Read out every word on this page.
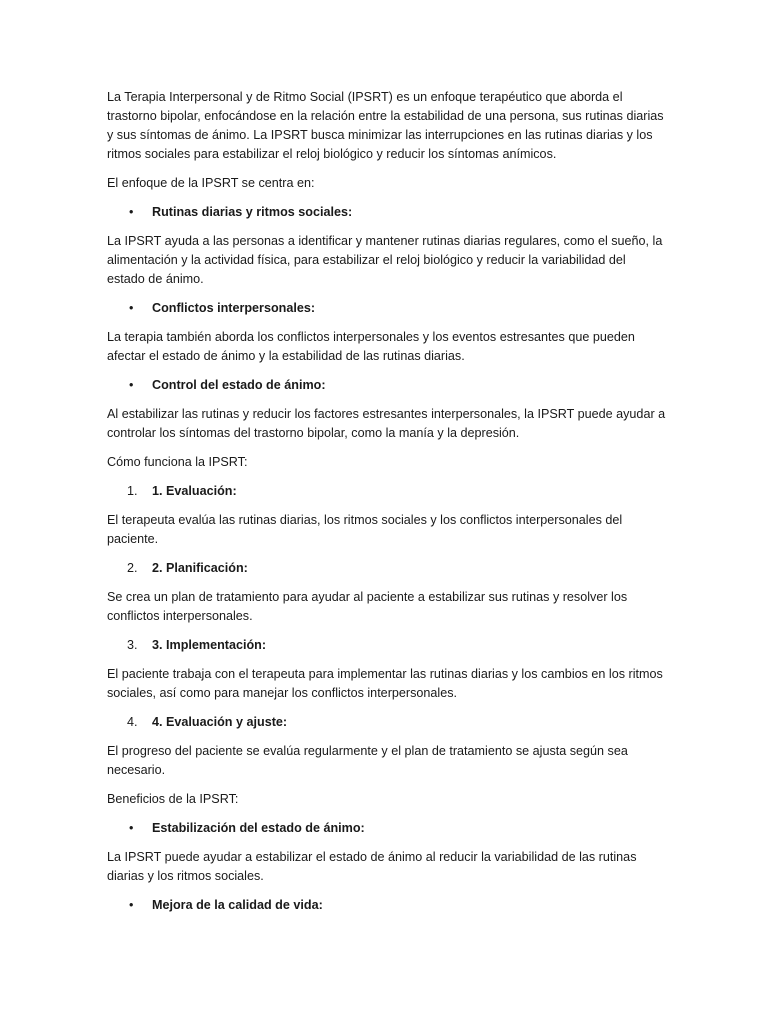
La Terapia Interpersonal y de Ritmo Social (IPSRT) es un enfoque terapéutico que aborda el trastorno bipolar, enfocándose en la relación entre la estabilidad de una persona, sus rutinas diarias y sus síntomas de ánimo. La IPSRT busca minimizar las interrupciones en las rutinas diarias y los ritmos sociales para estabilizar el reloj biológico y reducir los síntomas anímicos.

El enfoque de la IPSRT se centra en:

• Rutinas diarias y ritmos sociales:

La IPSRT ayuda a las personas a identificar y mantener rutinas diarias regulares, como el sueño, la alimentación y la actividad física, para estabilizar el reloj biológico y reducir la variabilidad del estado de ánimo.

• Conflictos interpersonales:

La terapia también aborda los conflictos interpersonales y los eventos estresantes que pueden afectar el estado de ánimo y la estabilidad de las rutinas diarias.

• Control del estado de ánimo:

Al estabilizar las rutinas y reducir los factores estresantes interpersonales, la IPSRT puede ayudar a controlar los síntomas del trastorno bipolar, como la manía y la depresión.

Cómo funciona la IPSRT:

1. 1. Evaluación:

El terapeuta evalúa las rutinas diarias, los ritmos sociales y los conflictos interpersonales del paciente.

2. 2. Planificación:

Se crea un plan de tratamiento para ayudar al paciente a estabilizar sus rutinas y resolver los conflictos interpersonales.

3. 3. Implementación:

El paciente trabaja con el terapeuta para implementar las rutinas diarias y los cambios en los ritmos sociales, así como para manejar los conflictos interpersonales.

4. 4. Evaluación y ajuste:

El progreso del paciente se evalúa regularmente y el plan de tratamiento se ajusta según sea necesario.

Beneficios de la IPSRT:

• Estabilización del estado de ánimo:

La IPSRT puede ayudar a estabilizar el estado de ánimo al reducir la variabilidad de las rutinas diarias y los ritmos sociales.

• Mejora de la calidad de vida:
